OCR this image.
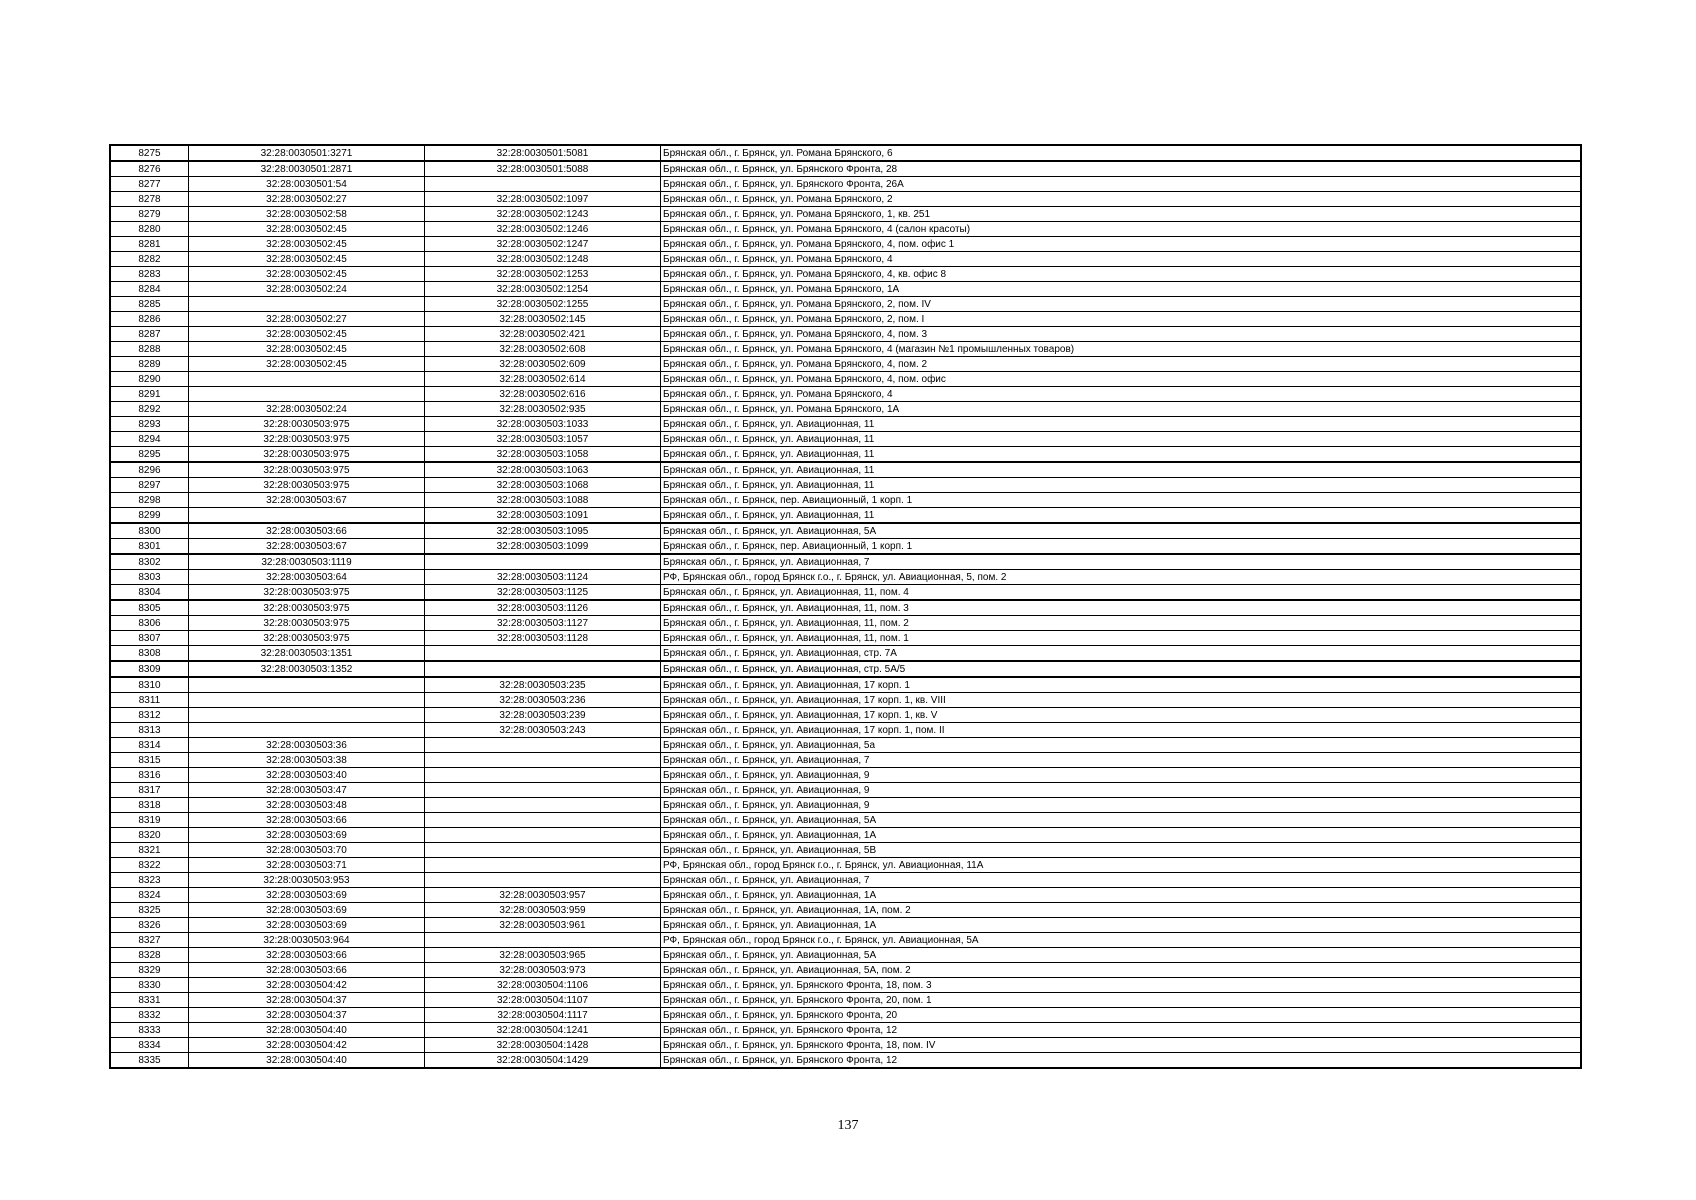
8275	32:28:0030501:3271	32:28:0030501:5081	Брянская обл., г. Брянск, ул. Романа Брянского, 6
8276	32:28:0030501:2871	32:28:0030501:5088	Брянская обл., г. Брянск, ул. Брянского Фронта, 28
8277	32:28:0030501:54		Брянская обл., г. Брянск, ул. Брянского Фронта, 26А
8278	32:28:0030502:27	32:28:0030502:1097	Брянская обл., г. Брянск, ул. Романа Брянского, 2
8279	32:28:0030502:58	32:28:0030502:1243	Брянская обл., г. Брянск, ул. Романа Брянского, 1, кв. 251
8280	32:28:0030502:45	32:28:0030502:1246	Брянская обл., г. Брянск, ул. Романа Брянского, 4 (салон красоты)
8281	32:28:0030502:45	32:28:0030502:1247	Брянская обл., г. Брянск, ул. Романа Брянского, 4, пом. офис 1
8282	32:28:0030502:45	32:28:0030502:1248	Брянская обл., г. Брянск, ул. Романа Брянского, 4
8283	32:28:0030502:45	32:28:0030502:1253	Брянская обл., г. Брянск, ул. Романа Брянского, 4, кв. офис 8
8284	32:28:0030502:24	32:28:0030502:1254	Брянская обл., г. Брянск, ул. Романа Брянского, 1А
8285		32:28:0030502:1255	Брянская обл., г. Брянск, ул. Романа Брянского, 2, пом. IV
8286	32:28:0030502:27	32:28:0030502:145	Брянская обл., г. Брянск, ул. Романа Брянского, 2, пом. I
8287	32:28:0030502:45	32:28:0030502:421	Брянская обл., г. Брянск, ул. Романа Брянского, 4, пом. 3
8288	32:28:0030502:45	32:28:0030502:608	Брянская обл., г. Брянск, ул. Романа Брянского, 4 (магазин №1 промышленных товаров)
8289	32:28:0030502:45	32:28:0030502:609	Брянская обл., г. Брянск, ул. Романа Брянского, 4, пом. 2
8290		32:28:0030502:614	Брянская обл., г. Брянск, ул. Романа Брянского, 4, пом. офис
8291		32:28:0030502:616	Брянская обл., г. Брянск, ул. Романа Брянского, 4
8292	32:28:0030502:24	32:28:0030502:935	Брянская обл., г. Брянск, ул. Романа Брянского, 1А
8293	32:28:0030503:975	32:28:0030503:1033	Брянская обл., г. Брянск, ул. Авиационная, 11
8294	32:28:0030503:975	32:28:0030503:1057	Брянская обл., г. Брянск, ул. Авиационная, 11
8295	32:28:0030503:975	32:28:0030503:1058	Брянская обл., г. Брянск, ул. Авиационная, 11
8296	32:28:0030503:975	32:28:0030503:1063	Брянская обл., г. Брянск, ул. Авиационная, 11
8297	32:28:0030503:975	32:28:0030503:1068	Брянская обл., г. Брянск, ул. Авиационная, 11
8298	32:28:0030503:67	32:28:0030503:1088	Брянская обл., г. Брянск, пер. Авиационный, 1 корп. 1
8299		32:28:0030503:1091	Брянская обл., г. Брянск, ул. Авиационная, 11
8300	32:28:0030503:66	32:28:0030503:1095	Брянская обл., г. Брянск, ул. Авиационная, 5А
8301	32:28:0030503:67	32:28:0030503:1099	Брянская обл., г. Брянск, пер. Авиационный, 1 корп. 1
8302	32:28:0030503:1119		Брянская обл., г. Брянск, ул. Авиационная, 7
8303	32:28:0030503:64	32:28:0030503:1124	РФ, Брянская обл., город Брянск г.о., г. Брянск, ул. Авиационная, 5, пом. 2
8304	32:28:0030503:975	32:28:0030503:1125	Брянская обл., г. Брянск, ул. Авиационная, 11, пом. 4
8305	32:28:0030503:975	32:28:0030503:1126	Брянская обл., г. Брянск, ул. Авиационная, 11, пом. 3
8306	32:28:0030503:975	32:28:0030503:1127	Брянская обл., г. Брянск, ул. Авиационная, 11, пом. 2
8307	32:28:0030503:975	32:28:0030503:1128	Брянская обл., г. Брянск, ул. Авиационная, 11, пом. 1
8308	32:28:0030503:1351		Брянская обл., г. Брянск, ул. Авиационная, стр. 7А
8309	32:28:0030503:1352		Брянская обл., г. Брянск, ул. Авиационная, стр. 5А/5
8310		32:28:0030503:235	Брянская обл., г. Брянск, ул. Авиационная, 17 корп. 1
8311		32:28:0030503:236	Брянская обл., г. Брянск, ул. Авиационная, 17 корп. 1, кв. VIII
8312		32:28:0030503:239	Брянская обл., г. Брянск, ул. Авиационная, 17 корп. 1, кв. V
8313		32:28:0030503:243	Брянская обл., г. Брянск, ул. Авиационная, 17 корп. 1, пом. II
8314	32:28:0030503:36		Брянская обл., г. Брянск, ул. Авиационная, 5а
8315	32:28:0030503:38		Брянская обл., г. Брянск, ул. Авиационная, 7
8316	32:28:0030503:40		Брянская обл., г. Брянск, ул. Авиационная, 9
8317	32:28:0030503:47		Брянская обл., г. Брянск, ул. Авиационная, 9
8318	32:28:0030503:48		Брянская обл., г. Брянск, ул. Авиационная, 9
8319	32:28:0030503:66		Брянская обл., г. Брянск, ул. Авиационная, 5А
8320	32:28:0030503:69		Брянская обл., г. Брянск, ул. Авиационная, 1А
8321	32:28:0030503:70		Брянская обл., г. Брянск, ул. Авиационная, 5В
8322	32:28:0030503:71		РФ, Брянская обл., город Брянск г.о., г. Брянск, ул. Авиационная, 11А
8323	32:28:0030503:953		Брянская обл., г. Брянск, ул. Авиационная, 7
8324	32:28:0030503:69	32:28:0030503:957	Брянская обл., г. Брянск, ул. Авиационная, 1А
8325	32:28:0030503:69	32:28:0030503:959	Брянская обл., г. Брянск, ул. Авиационная, 1А, пом. 2
8326	32:28:0030503:69	32:28:0030503:961	Брянская обл., г. Брянск, ул. Авиационная, 1А
8327	32:28:0030503:964		РФ, Брянская обл., город Брянск г.о., г. Брянск, ул. Авиационная, 5А
8328	32:28:0030503:66	32:28:0030503:965	Брянская обл., г. Брянск, ул. Авиационная, 5А
8329	32:28:0030503:66	32:28:0030503:973	Брянская обл., г. Брянск, ул. Авиационная, 5А, пом. 2
8330	32:28:0030504:42	32:28:0030504:1106	Брянская обл., г. Брянск, ул. Брянского Фронта, 18, пом. 3
8331	32:28:0030504:37	32:28:0030504:1107	Брянская обл., г. Брянск, ул. Брянского Фронта, 20, пом. 1
8332	32:28:0030504:37	32:28:0030504:1117	Брянская обл., г. Брянск, ул. Брянского Фронта, 20
8333	32:28:0030504:40	32:28:0030504:1241	Брянская обл., г. Брянск, ул. Брянского Фронта, 12
8334	32:28:0030504:42	32:28:0030504:1428	Брянская обл., г. Брянск, ул. Брянского Фронта, 18, пом. IV
8335	32:28:0030504:40	32:28:0030504:1429	Брянская обл., г. Брянск, ул. Брянского Фронта, 12
137
